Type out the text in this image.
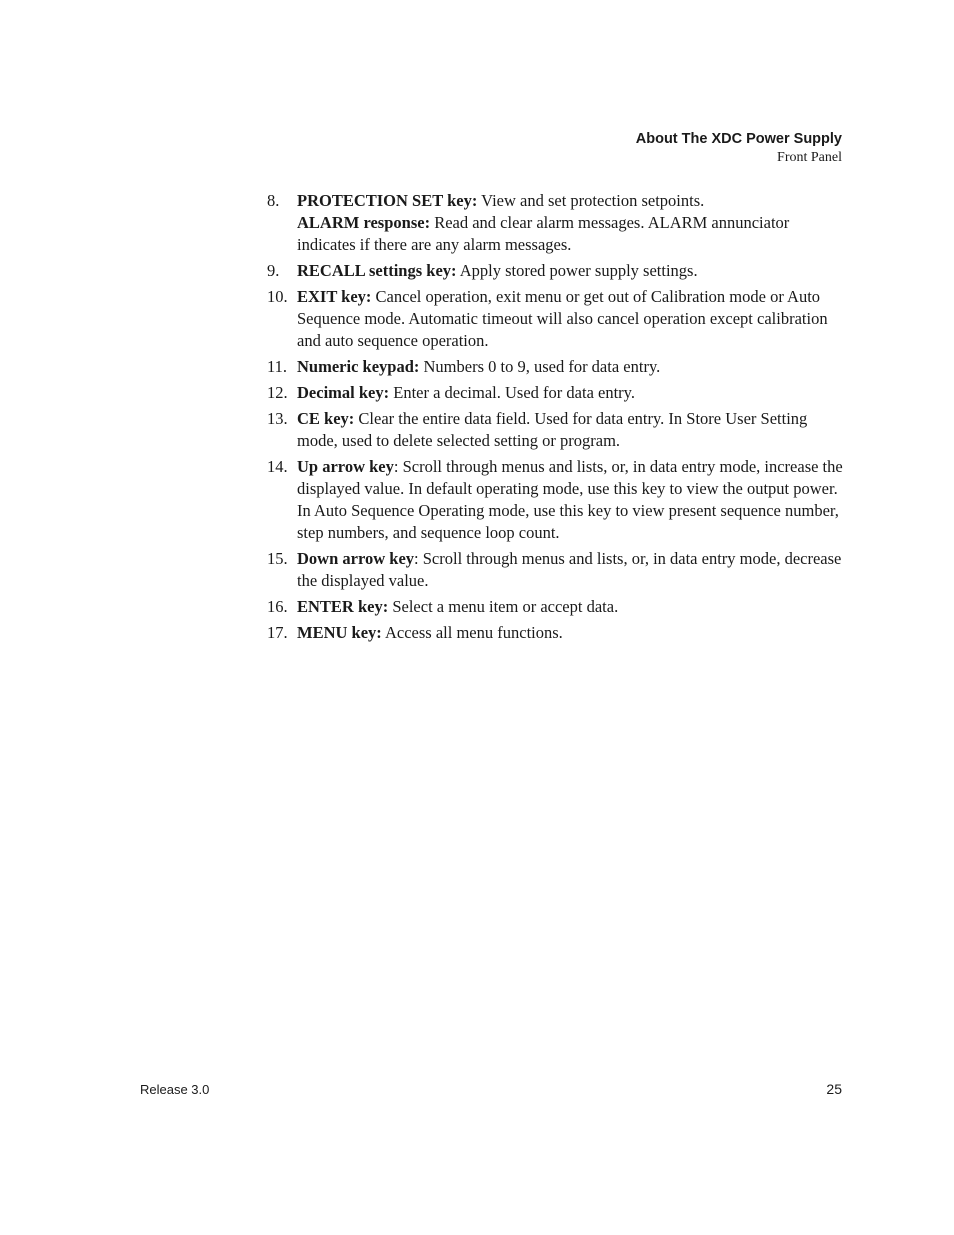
About The XDC Power Supply
Front Panel
8. PROTECTION SET key: View and set protection setpoints.
ALARM response: Read and clear alarm messages. ALARM annunciator indicates if there are any alarm messages.
9. RECALL settings key: Apply stored power supply settings.
10. EXIT key: Cancel operation, exit menu or get out of Calibration mode or Auto Sequence mode. Automatic timeout will also cancel operation except calibration and auto sequence operation.
11. Numeric keypad: Numbers 0 to 9, used for data entry.
12. Decimal key: Enter a decimal. Used for data entry.
13. CE key: Clear the entire data field. Used for data entry. In Store User Setting mode, used to delete selected setting or program.
14. Up arrow key: Scroll through menus and lists, or, in data entry mode, increase the displayed value. In default operating mode, use this key to view the output power. In Auto Sequence Operating mode, use this key to view present sequence number, step numbers, and sequence loop count.
15. Down arrow key: Scroll through menus and lists, or, in data entry mode, decrease the displayed value.
16. ENTER key: Select a menu item or accept data.
17. MENU key: Access all menu functions.
Release 3.0	25
